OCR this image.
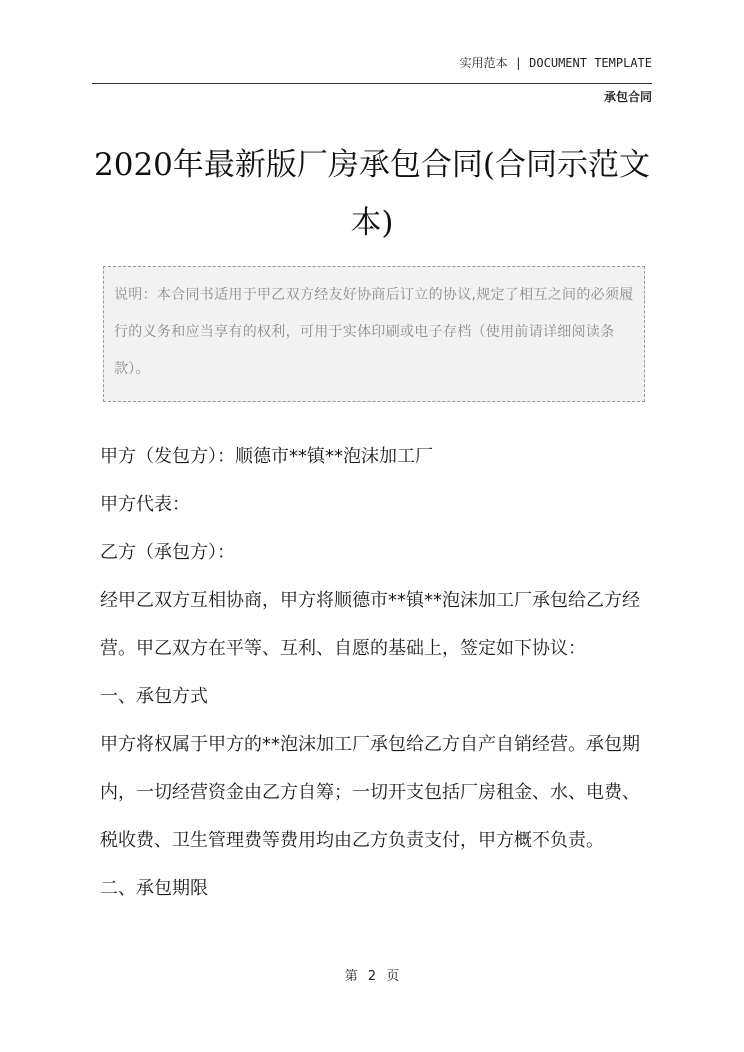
实用范本 | DOCUMENT TEMPLATE
承包合同
2020年最新版厂房承包合同(合同示范文本)
说明：本合同书适用于甲乙双方经友好协商后订立的协议,规定了相互之间的必须履行的义务和应当享有的权利，可用于实体印刷或电子存档（使用前请详细阅读条款）。

甲方（发包方）：顺德市**镇**泡沫加工厂

甲方代表：

乙方（承包方）：

经甲乙双方互相协商，甲方将顺德市**镇**泡沫加工厂承包给乙方经营。甲乙双方在平等、互利、自愿的基础上，签定如下协议：

一、承包方式

甲方将权属于甲方的**泡沫加工厂承包给乙方自产自销经营。承包期内，一切经营资金由乙方自筹；一切开支包括厂房租金、水、电费、税收费、卫生管理费等费用均由乙方负责支付，甲方概不负责。

二、承包期限

第 2 页
